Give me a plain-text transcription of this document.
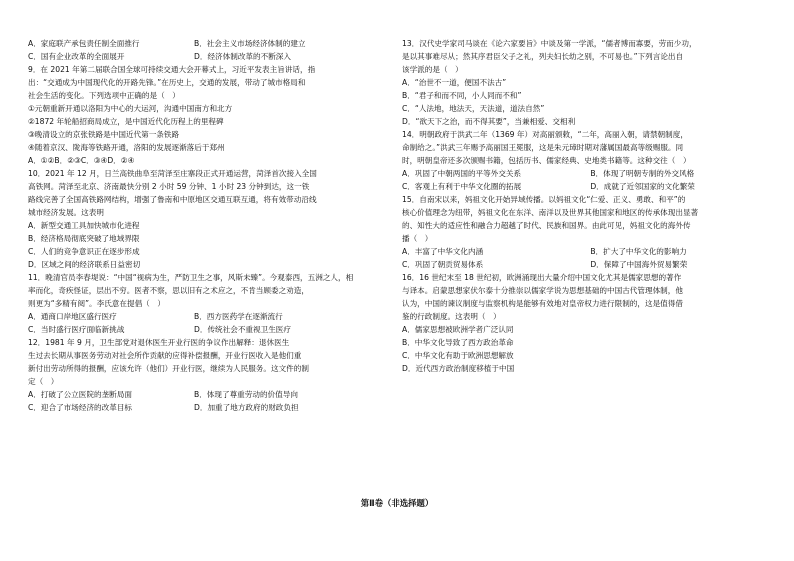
A．家庭联产承包责任制全面推行	B．社会主义市场经济体制的建立
C．国有企业改革的全面展开	D．经济体制改革的不断深入
9．在 2021 年第二届联合国全球可持续交通大会开幕式上，习近平发表主旨讲话，指
出：“交通成为中国现代化的开路先锋。”在历史上，交通的发展，带动了城市格局和
社会生活的变化。下列选项中正确的是（　）
①元朝重新开通以洛阳为中心的大运河，沟通中国南方和北方
②1872 年轮船招商局成立，是中国近代化历程上的里程碑
③晚清设立的京张铁路是中国近代第一条铁路
④随着京汉、陇海等铁路开通，洛阳的发展逐渐落后于郑州
A．①②B．②③C．③④D．②④
10．2021 年 12 月，日兰高铁曲阜至菏泽至庄寨段正式开通运营，菏泽首次接入全国
高铁网。菏泽至北京、济南最快分别 2 小时 59 分钟、1 小时 23 分钟到达，这一铁
路线完善了全国高铁路网结构，增强了鲁南和中原地区交通互联互通，将有效带动沿线
城市经济发展。这表明
A．新型交通工具加快城市化进程
B．经济格局彻底突破了地域界限
C．人们的竞争意识正在逐步形成
D．区域之间的经济联系日益密切
11．晚清官员李春堤说：“中国“视病为生，严防卫生之事，风斯未臻”。今观泰西，五洲之人，相
率而化，奇疾怪证，层出不穷。医者不察，思以旧有之术应之，不肯当顾委之劝造，
则更为“多精有阅”。李氏意在提倡（　）
A．通商口岸地区盛行医疗	B．西方医药学在逐渐流行
C．当时盛行医疗面临新挑战	D．传统社会不重视卫生医疗
12．1981 年 9 月，卫生部党对退休医生开业行医的争议作出解释：退休医生
生过去长期从事医务劳动对社会所作贡献的应得补偿报酬，开业行医收入是他们重
新付出劳动所得的报酬，应该允许（他们）开业行医，继续为人民服务。这文件的制
定（　）
A．打破了公立医院的垄断局面	B．体现了尊重劳动的价值导向
C．迎合了市场经济的改革目标	D．加重了地方政府的财政负担
13．汉代史学家司马谈在《论六家要旨》中谈及第一学派，“儒者博而寡要，劳而少功，
是以其事难尽从；然其序君臣父子之礼，列夫妇长幼之别，不可易也。”下列言论出自
该学派的是（　）
A．“治世不一道，便国不法古”
B．“君子和而不同，小人同而不和”
C．“人法地，地法天，天法道，道法自然”
D．“欲天下之治，而不得其要”，当兼相爱、交相利
14．明朝政府于洪武二年（1369 年）对高丽颁敕，“二年，高丽入朝，请禁朝制度，
命制给之。”洪武三年赐予高丽国王冕服，这是朱元璋时期对藩属国最高等级赐服。同
时，明朝皇帝还多次颁赐书籍，包括历书、儒家经典、史地类书籍等。这种交往（　）
A．巩固了中朝两国的平等外交关系	B．体现了明朝专制的外交风格
C．客观上有利于中华文化圈的拓展	D．成就了近邻国家的文化繁荣
15．自南宋以来，妈祖文化开始异域传播。以妈祖文化“仁爱、正义、勇敢、和平”的
核心价值理念为纽带，妈祖文化在东洋、南洋以及世界其他国家和地区的传承体现出显著
的、知性大的适应性和融合力超越了时代、民族和国界。由此可见，妈祖文化的海外传
播（　）
A．丰富了中华文化内涵	B．扩大了中华文化的影响力
C．巩固了朝贡贸易体系	D．保障了中国海外贸易繁荣
16．16 世纪末至 18 世纪初，欧洲涌现出大量介绍中国文化尤其是儒家思想的著作
与译本。启蒙思想家伏尔泰十分推崇以儒家学说为思想基础的中国古代管理体制，他
认为，中国的谏议制度与监察机构是能够有效地对皇帝权力进行限制的，这是值得借
鉴的行政制度。这表明（　）
A．儒家思想被欧洲学者广泛认同
B．中华文化导致了西方政治革命
C．中华文化有助于欧洲思想解放
D．近代西方政治制度移植于中国
第Ⅱ卷（非选择题）
